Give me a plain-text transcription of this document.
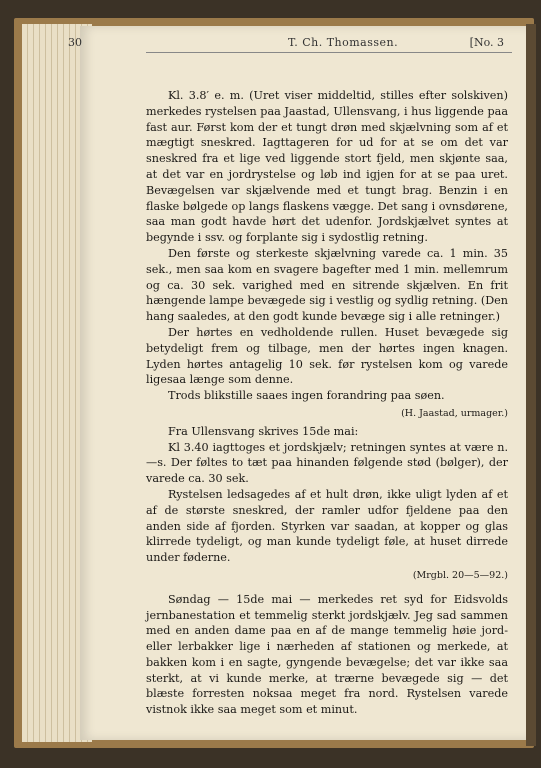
30	T. Ch. Thomassen.	[No. 3

Kl. 3.8′ e. m. (Uret viser middeltid, stilles efter solskiven) merkedes rystelsen paa Jaastad, Ullensvang, i hus liggende paa fast aur. Først kom der et tungt drøn med skjælvning som af et mægtigt sneskred. Iagttageren for ud for at se om det var sneskred fra et lige ved liggende stort fjeld, men skjønte saa, at det var en jordrystelse og løb ind igjen for at se paa uret. Bevægelsen var skjælvende med et tungt brag. Benzin i en flaske bølgede op langs flaskens vægge. Det sang i ovnsdørene, saa man godt havde hørt det udenfor. Jordskjælvet syntes at begynde i ssv. og forplante sig i sydostlig retning.

Den første og sterkeste skjælvning varede ca. 1 min. 35 sek., men saa kom en svagere bagefter med 1 min. mellemrum og ca. 30 sek. varighed med en sitrende skjælven. En frit hængende lampe bevægede sig i vestlig og sydlig retning. (Den hang saaledes, at den godt kunde bevæge sig i alle retninger.)

Der hørtes en vedholdende rullen. Huset bevægede sig betydeligt frem og tilbage, men der hørtes ingen knagen. Lyden hørtes antagelig 10 sek. før rystelsen kom og varede ligesaa længe som denne.

Trods blikstille saaes ingen forandring paa søen.

(H. Jaastad, urmager.)

Fra Ullensvang skrives 15de mai:

Kl 3.40 iagttoges et jordskjælv; retningen syntes at være n.—s. Der føltes to tæt paa hinanden følgende stød (bølger), der varede ca. 30 sek.

Rystelsen ledsagedes af et hult drøn, ikke uligt lyden af et af de største sneskred, der ramler udfor fjeldene paa den anden side af fjorden. Styrken var saadan, at kopper og glas klirrede tydeligt, og man kunde tydeligt føle, at huset dirrede under føderne.

(Mrgbl. 20—5—92.)

Søndag — 15de mai — merkedes ret syd for Eidsvolds jernbanestation et temmelig sterkt jordskjælv. Jeg sad sammen med en anden dame paa en af de mange temmelig høie jord- eller lerbakker lige i nærheden af stationen og merkede, at bakken kom i en sagte, gyngende bevægelse; det var ikke saa sterkt, at vi kunde merke, at trærne bevægede sig — det blæste forresten noksaa meget fra nord. Rystelsen varede vistnok ikke saa meget som et minut.
